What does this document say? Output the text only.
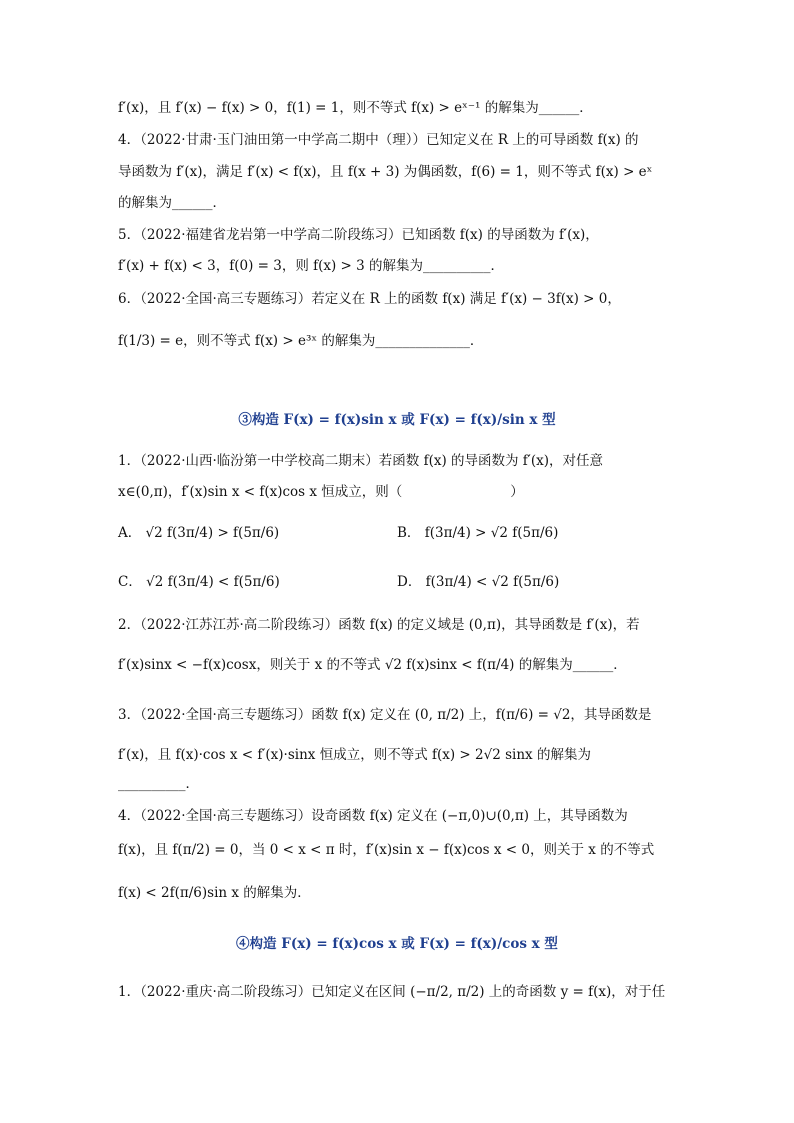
f′(x)，且 f′(x) − f(x) > 0，f(1) = 1，则不等式 f(x) > eˣ⁻¹ 的解集为______．
4．（2022·甘肃·玉门油田第一中学高二期中（理））已知定义在 R 上的可导函数 f(x) 的
导函数为 f′(x)，满足 f′(x) < f(x)，且 f(x + 3) 为偶函数，f(6) = 1，则不等式 f(x) > eˣ
的解集为______．
5．（2022·福建省龙岩第一中学高二阶段练习）已知函数 f(x) 的导函数为 f′(x)，
f′(x) + f(x) < 3，f(0) = 3，则 f(x) > 3 的解集为__________．
6．（2022·全国·高三专题练习）若定义在 R 上的函数 f(x) 满足 f′(x) − 3f(x) > 0，
f(1/3) = e，则不等式 f(x) > e³ˣ 的解集为______________．
③构造 F(x) = f(x)sin x 或 F(x) = f(x)/sin x 型
1．（2022·山西·临汾第一中学校高二期末）若函数 f(x) 的导函数为 f′(x)，对任意
x∈(0,π)，f′(x)sin x < f(x)cos x 恒成立，则（　　　　　　　　）
A． √2 f(3π/4) > f(5π/6)	B． f(3π/4) > √2 f(5π/6)
C． √2 f(3π/4) < f(5π/6)	D． f(3π/4) < √2 f(5π/6)
2．（2022·江苏江苏·高二阶段练习）函数 f(x) 的定义域是 (0,π)，其导函数是 f′(x)，若
f′(x)sinx < −f(x)cosx，则关于 x 的不等式 √2 f(x)sinx < f(π/4) 的解集为______．
3．（2022·全国·高三专题练习）函数 f(x) 定义在 (0, π/2) 上，f(π/6) = √2，其导函数是
f′(x)，且 f(x)·cos x < f′(x)·sinx 恒成立，则不等式 f(x) > 2√2 sinx 的解集为
__________．
4．（2022·全国·高三专题练习）设奇函数 f(x) 定义在 (−π,0)∪(0,π) 上，其导函数为
f(x)，且 f(π/2) = 0，当 0 < x < π 时，f′(x)sin x − f(x)cos x < 0，则关于 x 的不等式
f(x) < 2f(π/6)sin x 的解集为．
④构造 F(x) = f(x)cos x 或 F(x) = f(x)/cos x 型
1．（2022·重庆·高二阶段练习）已知定义在区间 (−π/2, π/2) 上的奇函数 y = f(x)，对于任
